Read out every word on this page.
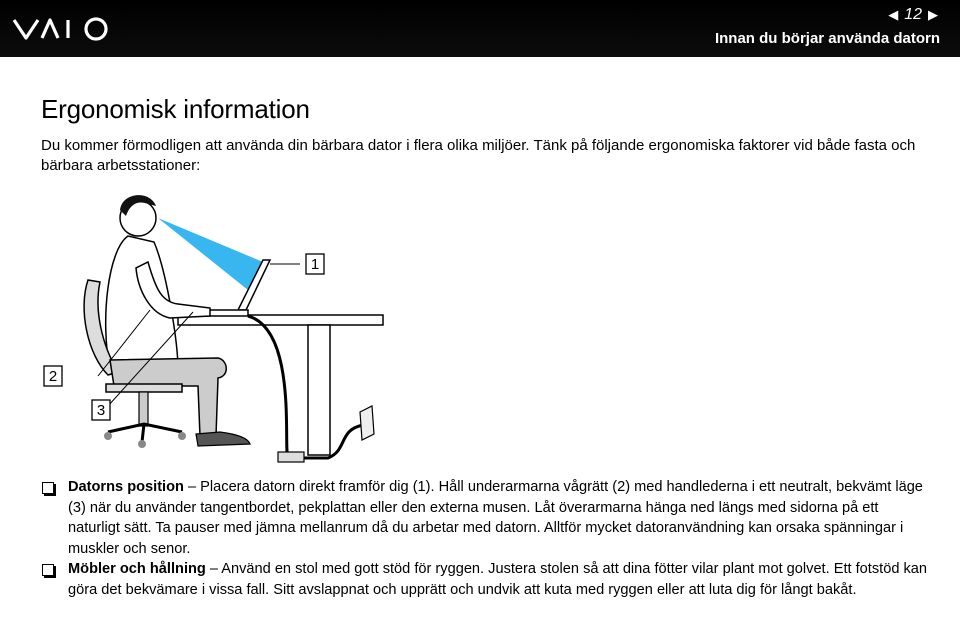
◀ 12 ▶
Innan du börjar använda datorn
Ergonomisk information

Du kommer förmodligen att använda din bärbara dator i flera olika miljöer. Tänk på följande ergonomiska faktorer vid både fasta och bärbara arbetsstationer:

1
2
3
Datorns position – Placera datorn direkt framför dig (1). Håll underarmarna vågrätt (2) med handlederna i ett neutralt, bekvämt läge (3) när du använder tangentbordet, pekplattan eller den externa musen. Låt överarmarna hänga ned längs med sidorna på ett naturligt sätt. Ta pauser med jämna mellanrum då du arbetar med datorn. Alltför mycket datoranvändning kan orsaka spänningar i muskler och senor.
Möbler och hållning – Använd en stol med gott stöd för ryggen. Justera stolen så att dina fötter vilar plant mot golvet. Ett fotstöd kan göra det bekvämare i vissa fall. Sitt avslappnat och upprätt och undvik att kuta med ryggen eller att luta dig för långt bakåt.
